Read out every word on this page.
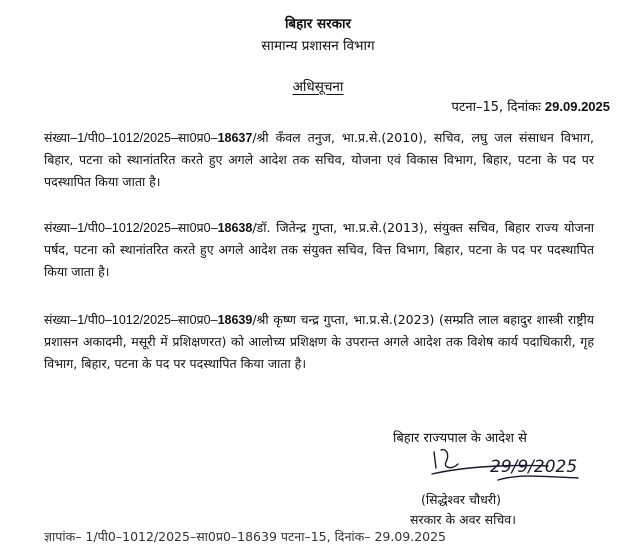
बिहार सरकार
सामान्य प्रशासन विभाग
अधिसूचना
पटना–15, दिनांकः 29.09.2025
संख्या–1/पी0–1012/2025–सा0प्र0–18637/श्री कँवल तनुज, भा.प्र.से.(2010), सचिव, लघु जल संसाधन विभाग, बिहार, पटना को स्थानांतरित करते हुए अगले आदेश तक सचिव, योजना एवं विकास विभाग, बिहार, पटना के पद पर पदस्थापित किया जाता है।
संख्या–1/पी0–1012/2025–सा0प्र0–18638/डॉ. जितेन्द्र गुप्ता, भा.प्र.से.(2013), संयुक्त सचिव, बिहार राज्य योजना पर्षद, पटना को स्थानांतरित करते हुए अगले आदेश तक संयुक्त सचिव, वित्त विभाग, बिहार, पटना के पद पर पदस्थापित किया जाता है।
संख्या–1/पी0–1012/2025–सा0प्र0–18639/श्री कृष्ण चन्द्र गुप्ता, भा.प्र.से.(2023) (सम्प्रति लाल बहादुर शास्त्री राष्ट्रीय प्रशासन अकादमी, मसूरी में प्रशिक्षणरत) को आलोच्य प्रशिक्षण के उपरान्त अगले आदेश तक विशेष कार्य पदाधिकारी, गृह विभाग, बिहार, पटना के पद पर पदस्थापित किया जाता है।
बिहार राज्यपाल के आदेश से
29/9/2025
(सिद्धेश्वर चौधरी)
सरकार के अवर सचिव।
ज्ञापांक– 1/पी0–1012/2025–सा0प्र0–18639 पटना–15, दिनांक– 29.09.2025
